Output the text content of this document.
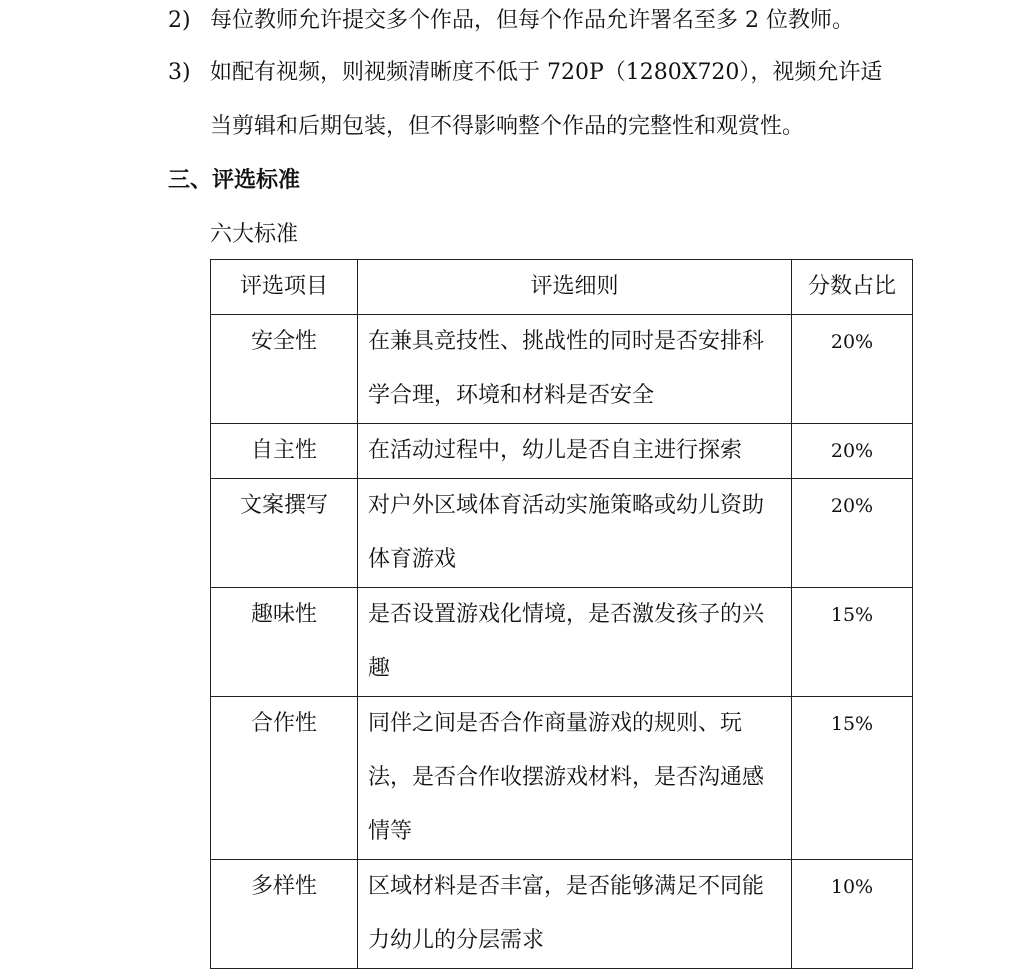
2) 每位教师允许提交多个作品，但每个作品允许署名至多 2 位教师。
3) 如配有视频，则视频清晰度不低于 720P（1280X720），视频允许适
当剪辑和后期包装，但不得影响整个作品的完整性和观赏性。
三、评选标准
六大标准
评选项目	评选细则	分数占比
安全性	在兼具竞技性、挑战性的同时是否安排科学合理，环境和材料是否安全	20%
自主性	在活动过程中，幼儿是否自主进行探索	20%
文案撰写	对户外区域体育活动实施策略或幼儿资助体育游戏	20%
趣味性	是否设置游戏化情境，是否激发孩子的兴趣	15%
合作性	同伴之间是否合作商量游戏的规则、玩法，是否合作收摆游戏材料，是否沟通感情等	15%
多样性	区域材料是否丰富，是否能够满足不同能力幼儿的分层需求	10%
